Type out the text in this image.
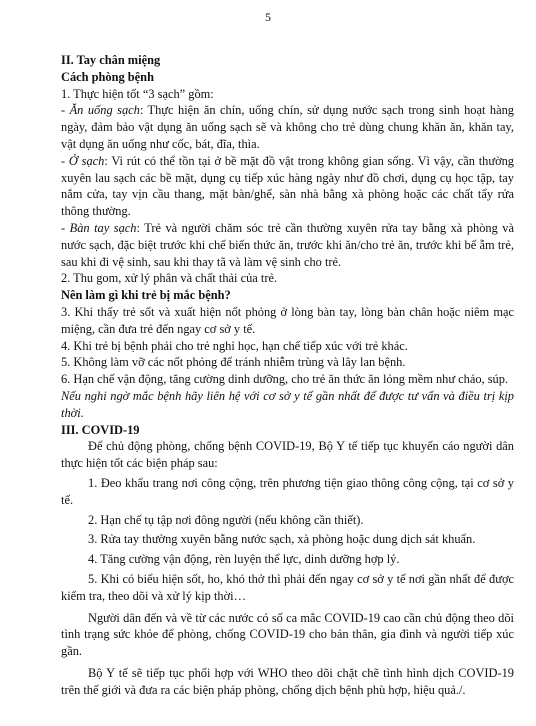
5

II. Tay chân miệng

Cách phòng bệnh

1. Thực hiện tốt “3 sạch” gồm:

- Ăn uống sạch: Thực hiện ăn chín, uống chín, sử dụng nước sạch trong sinh hoạt hàng ngày, đảm bảo vật dụng ăn uống sạch sẽ và không cho trẻ dùng chung khăn ăn, khăn tay, vật dụng ăn uống như cốc, bát, đĩa, thìa.

- Ở sạch: Vi rút có thể tồn tại ở bề mặt đồ vật trong không gian sống. Vì vậy, cần thường xuyên lau sạch các bề mặt, dụng cụ tiếp xúc hàng ngày như đồ chơi, dụng cụ học tập, tay nắm cửa, tay vịn cầu thang, mặt bàn/ghế, sàn nhà bằng xà phòng hoặc các chất tẩy rửa thông thường.

- Bàn tay sạch: Trẻ và người chăm sóc trẻ cần thường xuyên rửa tay bằng xà phòng và nước sạch, đặc biệt trước khi chế biến thức ăn, trước khi ăn/cho trẻ ăn, trước khi bế ẵm trẻ, sau khi đi vệ sinh, sau khi thay tã và làm vệ sinh cho trẻ.

2. Thu gom, xử lý phân và chất thải của trẻ.

Nên làm gì khi trẻ bị mắc bệnh?

3. Khi thấy trẻ sốt và xuất hiện nốt phỏng ở lòng bàn tay, lòng bàn chân hoặc niêm mạc miệng, cần đưa trẻ đến ngay cơ sở y tế.

4. Khi trẻ bị bệnh phải cho trẻ nghỉ học, hạn chế tiếp xúc với trẻ khác.

5. Không làm vỡ các nốt phỏng để tránh nhiễm trùng và lây lan bệnh.

6. Hạn chế vận động, tăng cường dinh dưỡng, cho trẻ ăn thức ăn lỏng mềm như cháo, súp.

Nếu nghi ngờ mắc bệnh hãy liên hệ với cơ sở y tế gần nhất để được tư vấn và điều trị kịp thời.

III. COVID-19

Để chủ động phòng, chống bệnh COVID-19, Bộ Y tế tiếp tục khuyến cáo người dân thực hiện tốt các biện pháp sau:

1. Đeo khẩu trang nơi công cộng, trên phương tiện giao thông công cộng, tại cơ sở y tế.

2. Hạn chế tụ tập nơi đông người (nếu không cần thiết).

3. Rửa tay thường xuyên bằng nước sạch, xà phòng hoặc dung dịch sát khuẩn.

4. Tăng cường vận động, rèn luyện thể lực, dinh dưỡng hợp lý.

5. Khi có biểu hiện sốt, ho, khó thở thì phải đến ngay cơ sở y tế nơi gần nhất để được kiểm tra, theo dõi và xử lý kịp thời…

Người dân đến và về từ các nước có số ca mắc COVID-19 cao cần chủ động theo dõi tình trạng sức khỏe để phòng, chống COVID-19 cho bản thân, gia đình và người tiếp xúc gần.

Bộ Y tế sẽ tiếp tục phối hợp với WHO theo dõi chặt chẽ tình hình dịch COVID-19 trên thế giới và đưa ra các biện pháp phòng, chống dịch bệnh phù hợp, hiệu quả./.
